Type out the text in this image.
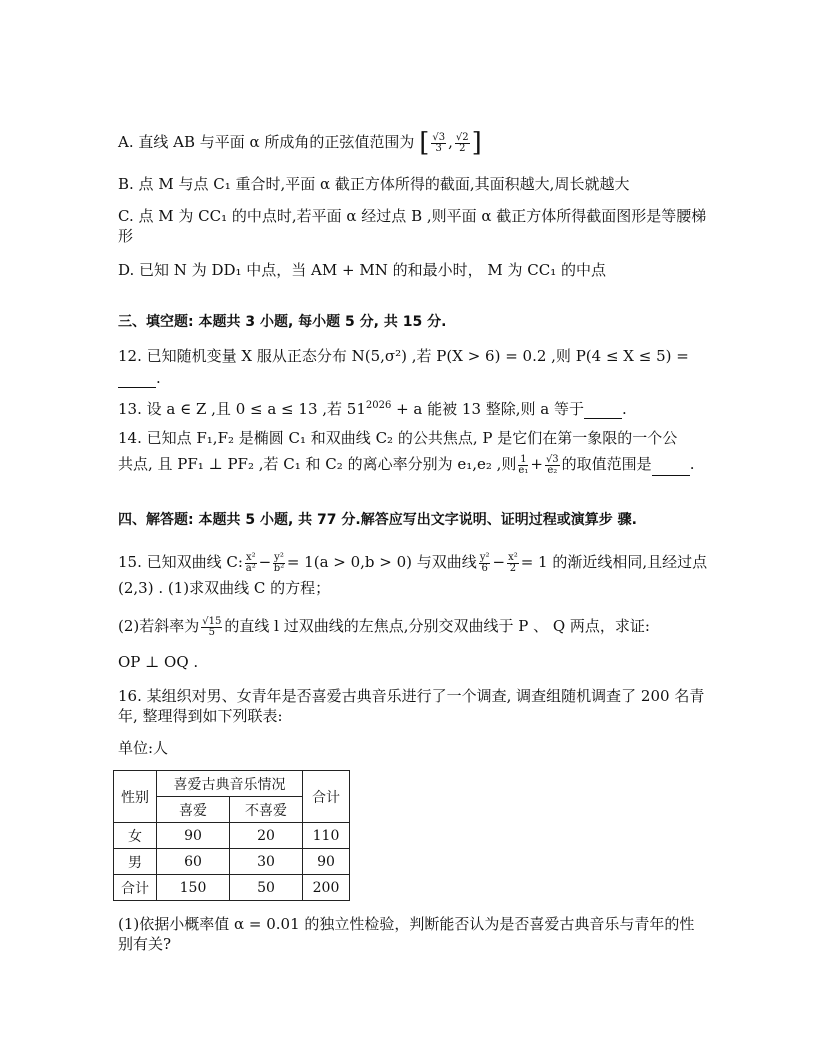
A. 直线 AB 与平面 α 所成角的正弦值范围为 [ $\frac{√3}{3}$ , $\frac{√2}{2}$ ]
B. 点 M 与点 C₁ 重合时,平面 α 截正方体所得的截面,其面积越大,周长就越大
C. 点 M 为 CC₁ 的中点时,若平面 α 经过点 B ,则平面 α 截正方体所得截面图形是等腰梯形
D. 已知 N 为 DD₁ 中点，当 AM + MN 的和最小时， M 为 CC₁ 的中点
三、填空题: 本题共 3 小题, 每小题 5 分, 共 15 分.
12. 已知随机变量 X 服从正态分布 N(5,σ²) ,若 P(X > 6) = 0.2 ,则 P(4 ≤ X ≤ 5) =
.
13. 设 a ∈ Z ,且 0 ≤ a ≤ 13 ,若 $51^{2026} + a$ 能被 13 整除,则 a 等于	.
14. 已知点 F₁,F₂ 是椭圆 C₁ 和双曲线 C₂ 的公共焦点, P 是它们在第一象限的一个公
共点, 且 PF₁ ⊥ PF₂ ,若 C₁ 和 C₂ 的离心率分别为 e₁,e₂ ,则 $\frac{1}{\text{e₁}} + \frac{√3}{\text{e₂}}$ 的取值范围是	.
四、解答题: 本题共 5 小题, 共 77 分.解答应写出文字说明、证明过程或演算步 骤.
15. 已知双曲线 C: $\frac{\text{x²}}{\text{a²}} - \frac{\text{y²}}{\text{b²}} = 1(a > 0,b > 0)$ 与双曲线 $\frac{\text{y²}}{6} - \frac{\text{x²}}{2} = 1$ 的渐近线相同,且经过点
(2,3) . (1)求双曲线 C 的方程；
(2)若斜率为 $\frac{√15}{5}$ 的直线 l 过双曲线的左焦点,分别交双曲线于 P 、 Q 两点，求证:
OP ⊥ OQ .
16. 某组织对男、女青年是否喜爱古典音乐进行了一个调查, 调查组随机调查了 200 名青年, 整理得到如下列联表:
单位:人
性别	喜爱古典音乐情况		合计
	喜爱	不喜爱	
女	90	20	110
男	60	30	90
合计	150	50	200
(1)依据小概率值 α = 0.01 的独立性检验，判断能否认为是否喜爱古典音乐与青年的性别有关?
